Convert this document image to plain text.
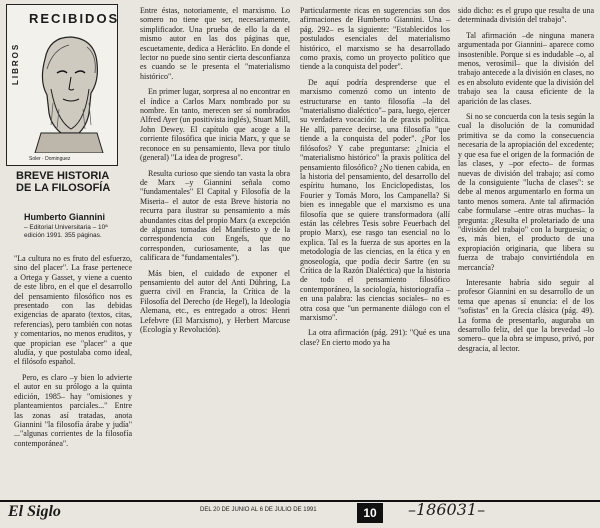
LIBROS
RECIBIDOS
Soler · Dominguez
BREVE HISTORIA DE LA FILOSOFÍA
Humberto Giannini
– Editorial Universitaria – 10ª edición 1991. 355 páginas.

"La cultura no es fruto del esfuerzo, sino del placer". La frase pertenece a Ortega y Gasset, y viene a cuento de este libro, en el que el desarrollo del pensamiento filosófico nos es presentado con las debidas exigencias de aparato (textos, citas, referencias), pero también con notas y comentarios, no menos eruditos, y que propician ese "placer" a que aludía, y que postulaba como ideal, el filósofo español.

Pero, es claro –y bien lo advierte el autor en su prólogo a la quinta edición, 1985– hay "omisiones y planteamientos parciales..." Entre las zonas así tratadas, anota Giannini "la filosofía árabe y judía" ..."algunas corrientes de la filosofía contemporánea".

Entre éstas, notoriamente, el marxismo. Lo somero no tiene que ser, necesariamente, simplificador. Una prueba de ello la da el mismo autor en las dos páginas que, escuetamente, dedica a Heráclito. En donde el lector no puede sino sentir cierta desconfianza es cuando se le presenta el "materialismo histórico".

En primer lugar, sorpresa al no encontrar en el índice a Carlos Marx nombrado por su nombre. En tanto, merecen ser sí nombrados Alfred Ayer (un positivista inglés), Stuart Mill, John Dewey. El capítulo que acoge a la corriente filosófica que inicia Marx, y que se reconoce en su pensamiento, lleva por título (general) "La idea de progreso".

Resulta curioso que siendo tan vasta la obra de Marx –y Giannini señala como "fundamentales" El Capital y Filosofía de la Miseria– el autor de esta Breve historia no recurra para ilustrar su pensamiento a más abundantes citas del propio Marx (a excepción de algunas tomadas del Manifiesto y de la correspondencia con Engels, que no corresponden, curiosamente, a las que calificara de "fundamentales").

Más bien, el cuidado de exponer el pensamiento del autor del Anti Dühring, La guerra civil en Francia, la Crítica de la Filosofía del Derecho (de Hegel), la Ideología Alemana, etc., es entregado a otros: Henri Lefebvre (El Marxismo), y Herbert Marcuse (Ecología y Revolución).

Particularmente ricas en sugerencias son dos afirmaciones de Humberto Giannini. Una –pág. 292– es la siguiente: "Establecidos los postulados esenciales del materialismo histórico, el marxismo se ha desarrollado como praxis, como un proyecto político que tiende a la conquista del poder".

De aquí podría desprenderse que el marxismo comenzó como un intento de estructurarse en tanto filosofía –la del "materialismo dialéctico"– para, luego, ejercer su verdadera vocación: la de praxis política. He allí, parece decirse, una filosofía "que tiende a la conquista del poder". ¿Por los filósofos? Y cabe preguntarse: ¿Inicia el "materialismo histórico" la praxis política del pensamiento filosófico? ¿No tienen cabida, en la historia del pensamiento, del desarrollo del espíritu humano, los Enciclopedistas, los Fourier y Tomás Moro, los Campanella? Si bien es innegable que el marxismo es una filosofía que se quiere transformadora (allí están las célebres Tesis sobre Feuerbach del propio Marx), ese rasgo tan esencial no lo explica. Tal es la fuerza de sus aportes en la metodología de las ciencias, en la ética y en gnoseología, que podía decir Sartre (en su Crítica de la Razón Dialéctica) que la historia de todo el pensamiento filosófico contemporáneo, la sociología, historiografía –en una palabra: las ciencias sociales– no es otra cosa que "un permanente diálogo con el marxismo".

La otra afirmación (pág. 291): "Qué es una clase? En cierto modo ya ha

sido dicho: es el grupo que resulta de una determinada división del trabajo".

Tal afirmación –de ninguna manera argumentada por Giannini– aparece como insostenible. Porque si es indudable –o, al menos, verosímil– que la división del trabajo antecede a la división en clases, no es en absoluto evidente que la división del trabajo sea la causa eficiente de la aparición de las clases.

Si no se concuerda con la tesis según la cual la disolución de la comunidad primitiva se da como la consecuencia necesaria de la apropiación del excedente; y que esa fue el origen de la formación de las clases, y –por efecto– de formas nuevas de división del trabajo; así como de la consiguiente "lucha de clases": se debe al menos argumentarlo en forma un tanto menos somera. Ante tal afirmación cabe formularse –entre otras muchas– la pregunta: ¿Resulta el proletariado de una "división del trabajo" con la burguesía; o es, más bien, el producto de una expropiación originaria, que libera su fuerza de trabajo convirtiéndola en mercancía?

Interesante habría sido seguir al profesor Giannini en su desarrollo de un tema que apenas sí enuncia: el de los "sofistas" en la Grecia clásica (pág. 49). La forma de presentarlo, auguraba un desarrollo feliz, del que la brevedad –lo somero– que la obra se impuso, privó, por desgracia, al lector.

El Siglo	DEL 20 DE JUNIO AL 6 DE JULIO DE 1991	10	–186031–
